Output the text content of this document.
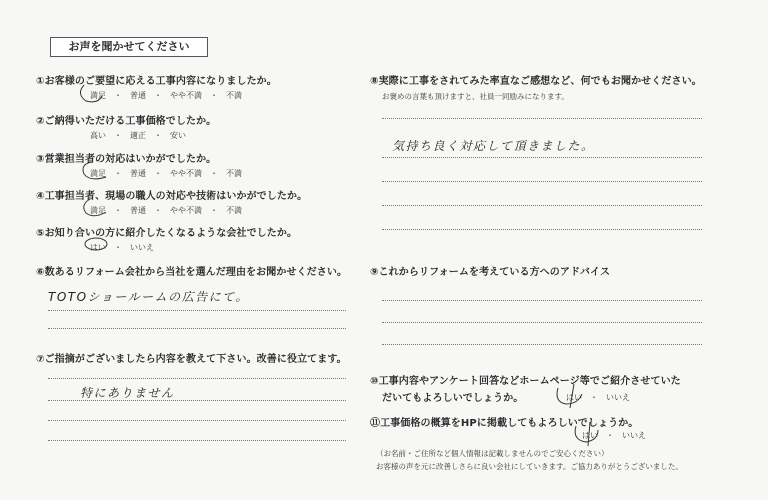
お声を聞かせてください
①お客様のご要望に応える工事内容になりましたか。
満足　・　普通　・　やや不満　・　不満
②ご納得いただける工事価格でしたか。
高い　・　適正　・　安い
③営業担当者の対応はいかがでしたか。
満足　・　普通　・　やや不満　・　不満
④工事担当者、現場の職人の対応や技術はいかがでしたか。
満足　・　普通　・　やや不満　・　不満
⑤お知り合いの方に紹介したくなるような会社でしたか。
はい　・　いいえ
⑥数あるリフォーム会社から当社を選んだ理由をお聞かせください。
TOTOショールームの広告にて。
⑦ご指摘がございましたら内容を教えて下さい。改善に役立てます。
特にありません
⑧実際に工事をされてみた率直なご感想など、何でもお聞かせください。
お褒めの言葉も頂けますと、社員一同励みになります。
気持ち良く対応して頂きました。
⑨これからリフォームを考えている方へのアドバイス
⑩工事内容やアンケート回答などホームページ等でご紹介させていた
だいてもよろしいでしょうか。	はい　・　いいえ
⑪工事価格の概算をHPに掲載してもよろしいでしょうか。
はい　・　いいえ
（お名前・ご住所など個人情報は記載しませんのでご安心ください）
お客様の声を元に改善しさらに良い会社にしていきます。ご協力ありがとうございました。
